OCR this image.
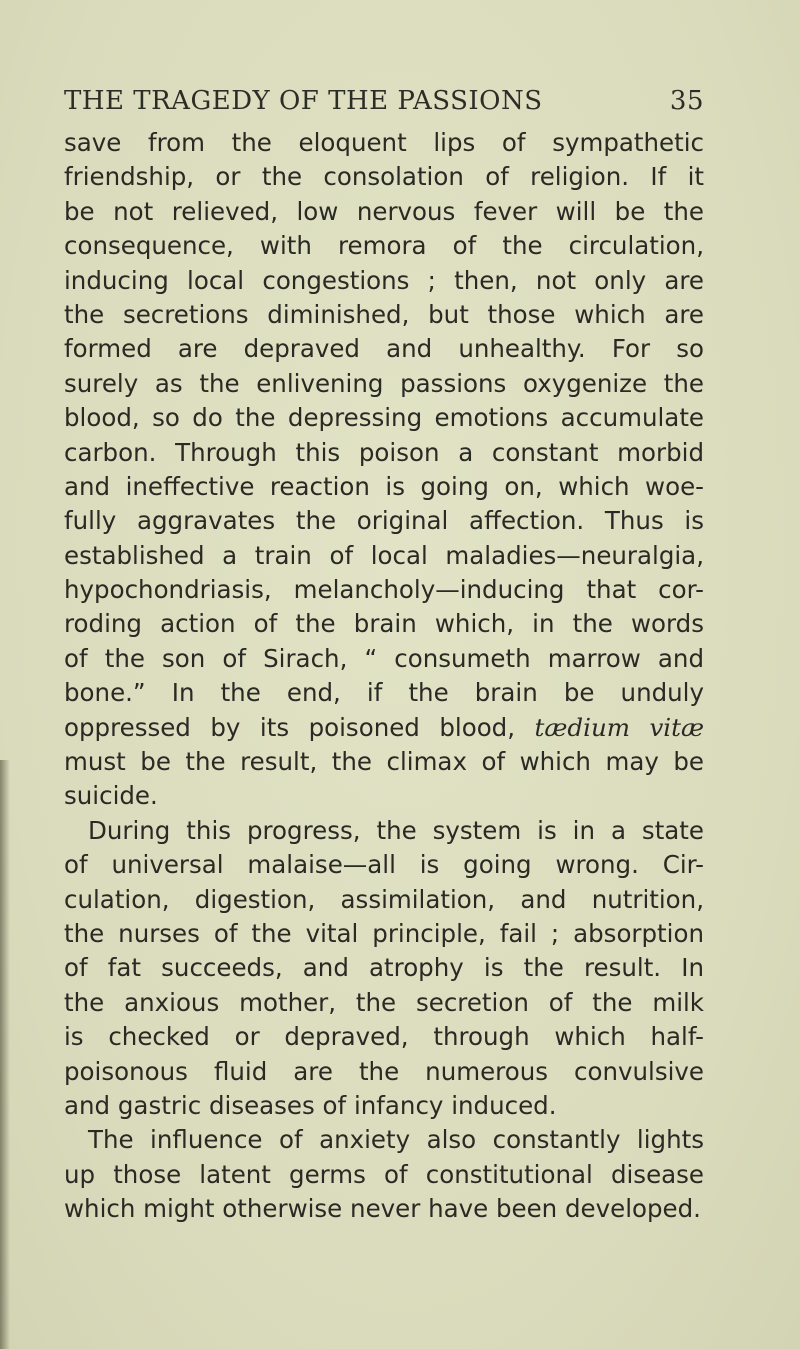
THE TRAGEDY OF THE PASSIONS	35
save from the eloquent lips of sympathetic
friendship, or the consolation of religion. If it
be not relieved, low nervous fever will be the
consequence, with remora of the circulation,
inducing local congestions ; then, not only are
the secretions diminished, but those which are
formed are depraved and unhealthy. For so
surely as the enlivening passions oxygenize the
blood, so do the depressing emotions accumulate
carbon. Through this poison a constant morbid
and ineffective reaction is going on, which woe-
fully aggravates the original affection. Thus is
established a train of local maladies—neuralgia,
hypochondriasis, melancholy—inducing that cor-
roding action of the brain which, in the words
of the son of Sirach, “ consumeth marrow and
bone.” In the end, if the brain be unduly
oppressed by its poisoned blood, tædium vitæ
must be the result, the climax of which may be
suicide.
During this progress, the system is in a state
of universal malaise—all is going wrong. Cir-
culation, digestion, assimilation, and nutrition,
the nurses of the vital principle, fail ; absorption
of fat succeeds, and atrophy is the result. In
the anxious mother, the secretion of the milk
is checked or depraved, through which half-
poisonous fluid are the numerous convulsive
and gastric diseases of infancy induced.
The influence of anxiety also constantly lights
up those latent germs of constitutional disease
which might otherwise never have been developed.
